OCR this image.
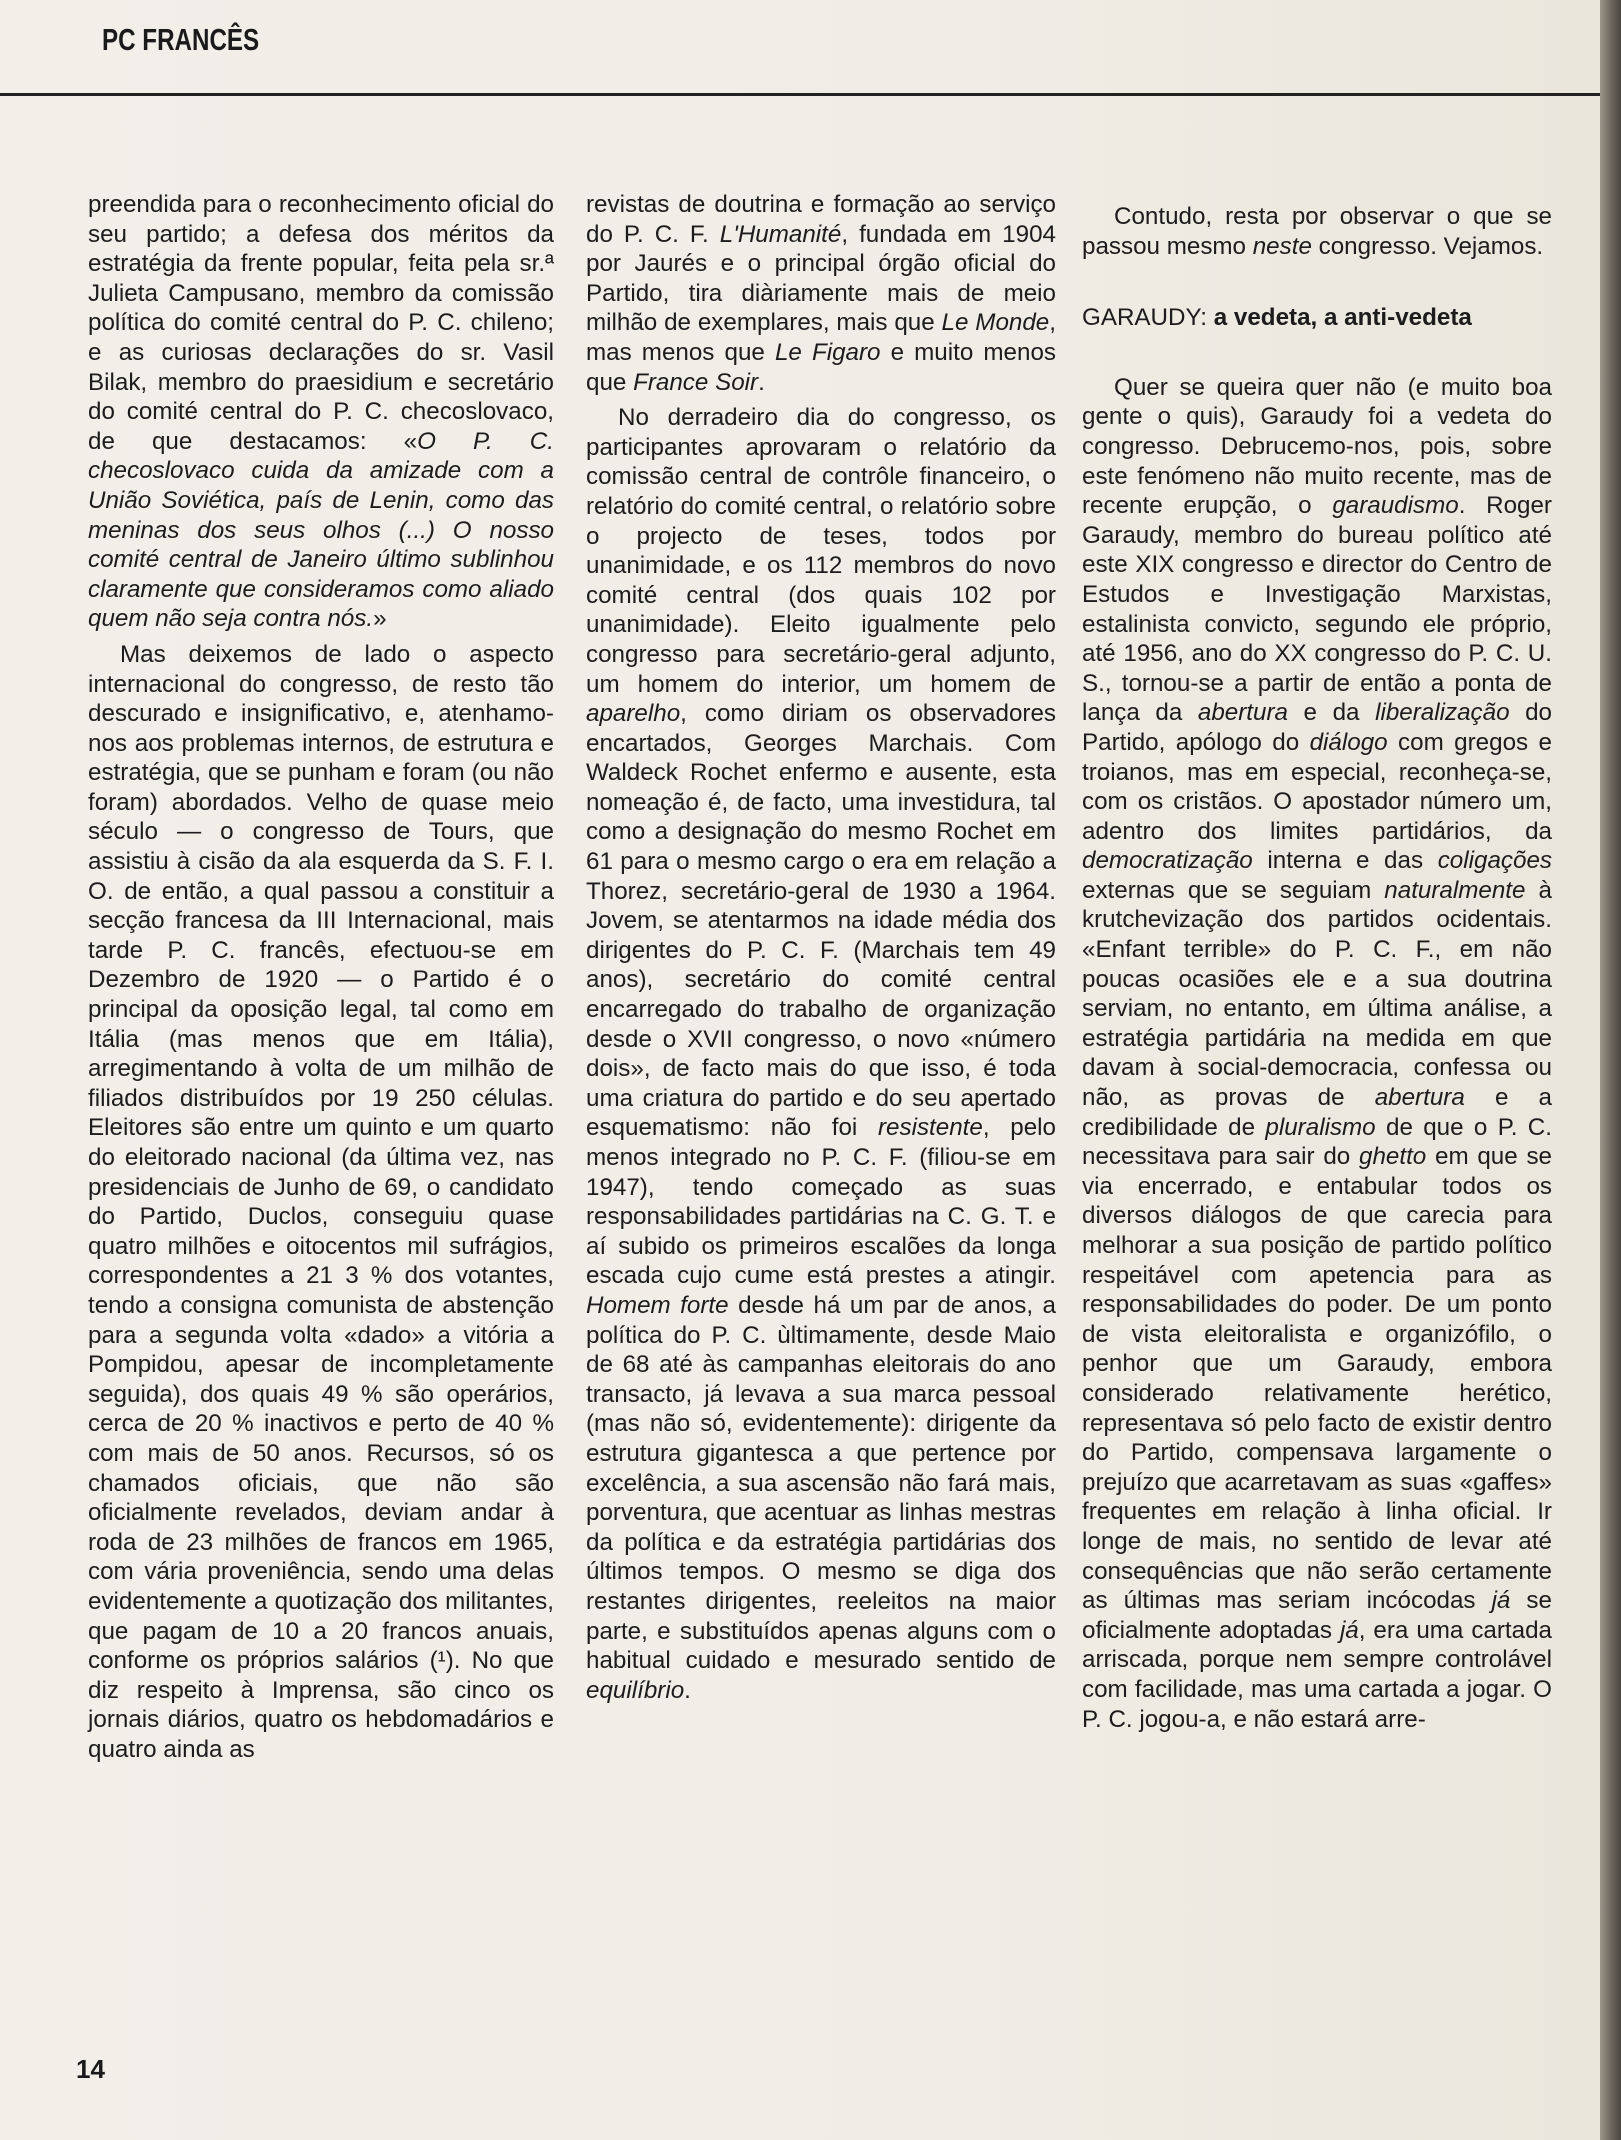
PC FRANCÊS

preendida para o reconhecimento oficial do seu partido; a defesa dos méritos da estratégia da frente popular, feita pela sr.ª Julieta Campusano, membro da comissão política do comité central do P. C. chileno; e as curiosas declarações do sr. Vasil Bilak, membro do praesidium e secretário do comité central do P. C. checoslovaco, de que destacamos: «O P. C. checoslovaco cuida da amizade com a União Soviética, país de Lenin, como das meninas dos seus olhos (...) O nosso comité central de Janeiro último sublinhou claramente que consideramos como aliado quem não seja contra nós.»

Mas deixemos de lado o aspecto internacional do congresso, de resto tão descurado e insignificativo, e, atenhamo-nos aos problemas internos, de estrutura e estratégia, que se punham e foram (ou não foram) abordados. Velho de quase meio século — o congresso de Tours, que assistiu à cisão da ala esquerda da S. F. I. O. de então, a qual passou a constituir a secção francesa da III Internacional, mais tarde P. C. francês, efectuou-se em Dezembro de 1920 — o Partido é o principal da oposição legal, tal como em Itália (mas menos que em Itália), arregimentando à volta de um milhão de filiados distribuídos por 19 250 células. Eleitores são entre um quinto e um quarto do eleitorado nacional (da última vez, nas presidenciais de Junho de 69, o candidato do Partido, Duclos, conseguiu quase quatro milhões e oitocentos mil sufrágios, correspondentes a 21 3 % dos votantes, tendo a consigna comunista de abstenção para a segunda volta «dado» a vitória a Pompidou, apesar de incompletamente seguida), dos quais 49 % são operários, cerca de 20 % inactivos e perto de 40 % com mais de 50 anos. Recursos, só os chamados oficiais, que não são oficialmente revelados, deviam andar à roda de 23 milhões de francos em 1965, com vária proveniência, sendo uma delas evidentemente a quotização dos militantes, que pagam de 10 a 20 francos anuais, conforme os próprios salários (¹). No que diz respeito à Imprensa, são cinco os jornais diários, quatro os hebdomadários e quatro ainda as

revistas de doutrina e formação ao serviço do P. C. F. L'Humanité, fundada em 1904 por Jaurés e o principal órgão oficial do Partido, tira diàriamente mais de meio milhão de exemplares, mais que Le Monde, mas menos que Le Figaro e muito menos que France Soir.

No derradeiro dia do congresso, os participantes aprovaram o relatório da comissão central de contrôle financeiro, o relatório do comité central, o relatório sobre o projecto de teses, todos por unanimidade, e os 112 membros do novo comité central (dos quais 102 por unanimidade). Eleito igualmente pelo congresso para secretário-geral adjunto, um homem do interior, um homem de aparelho, como diriam os observadores encartados, Georges Marchais. Com Waldeck Rochet enfermo e ausente, esta nomeação é, de facto, uma investidura, tal como a designação do mesmo Rochet em 61 para o mesmo cargo o era em relação a Thorez, secretário-geral de 1930 a 1964. Jovem, se atentarmos na idade média dos dirigentes do P. C. F. (Marchais tem 49 anos), secretário do comité central encarregado do trabalho de organização desde o XVII congresso, o novo «número dois», de facto mais do que isso, é toda uma criatura do partido e do seu apertado esquematismo: não foi resistente, pelo menos integrado no P. C. F. (filiou-se em 1947), tendo começado as suas responsabilidades partidárias na C. G. T. e aí subido os primeiros escalões da longa escada cujo cume está prestes a atingir. Homem forte desde há um par de anos, a política do P. C. ùltimamente, desde Maio de 68 até às campanhas eleitorais do ano transacto, já levava a sua marca pessoal (mas não só, evidentemente): dirigente da estrutura gigantesca a que pertence por excelência, a sua ascensão não fará mais, porventura, que acentuar as linhas mestras da política e da estratégia partidárias dos últimos tempos. O mesmo se diga dos restantes dirigentes, reeleitos na maior parte, e substituídos apenas alguns com o habitual cuidado e mesurado sentido de equilíbrio.

Contudo, resta por observar o que se passou mesmo neste congresso. Vejamos.

GARAUDY: a vedeta, a anti-vedeta

Quer se queira quer não (e muito boa gente o quis), Garaudy foi a vedeta do congresso. Debrucemo-nos, pois, sobre este fenómeno não muito recente, mas de recente erupção, o garaudismo. Roger Garaudy, membro do bureau político até este XIX congresso e director do Centro de Estudos e Investigação Marxistas, estalinista convicto, segundo ele próprio, até 1956, ano do XX congresso do P. C. U. S., tornou-se a partir de então a ponta de lança da abertura e da liberalização do Partido, apólogo do diálogo com gregos e troianos, mas em especial, reconheça-se, com os cristãos. O apostador número um, adentro dos limites partidários, da democratização interna e das coligações externas que se seguiam naturalmente à krutchevização dos partidos ocidentais. «Enfant terrible» do P. C. F., em não poucas ocasiões ele e a sua doutrina serviam, no entanto, em última análise, a estratégia partidária na medida em que davam à social-democracia, confessa ou não, as provas de abertura e a credibilidade de pluralismo de que o P. C. necessitava para sair do ghetto em que se via encerrado, e entabular todos os diversos diálogos de que carecia para melhorar a sua posição de partido político respeitável com apetencia para as responsabilidades do poder. De um ponto de vista eleitoralista e organizófilo, o penhor que um Garaudy, embora considerado relativamente herético, representava só pelo facto de existir dentro do Partido, compensava largamente o prejuízo que acarretavam as suas «gaffes» frequentes em relação à linha oficial. Ir longe de mais, no sentido de levar até consequências que não serão certamente as últimas mas seriam incócodas já se oficialmente adoptadas já, era uma cartada arriscada, porque nem sempre controlável com facilidade, mas uma cartada a jogar. O P. C. jogou-a, e não estará arre-

14
